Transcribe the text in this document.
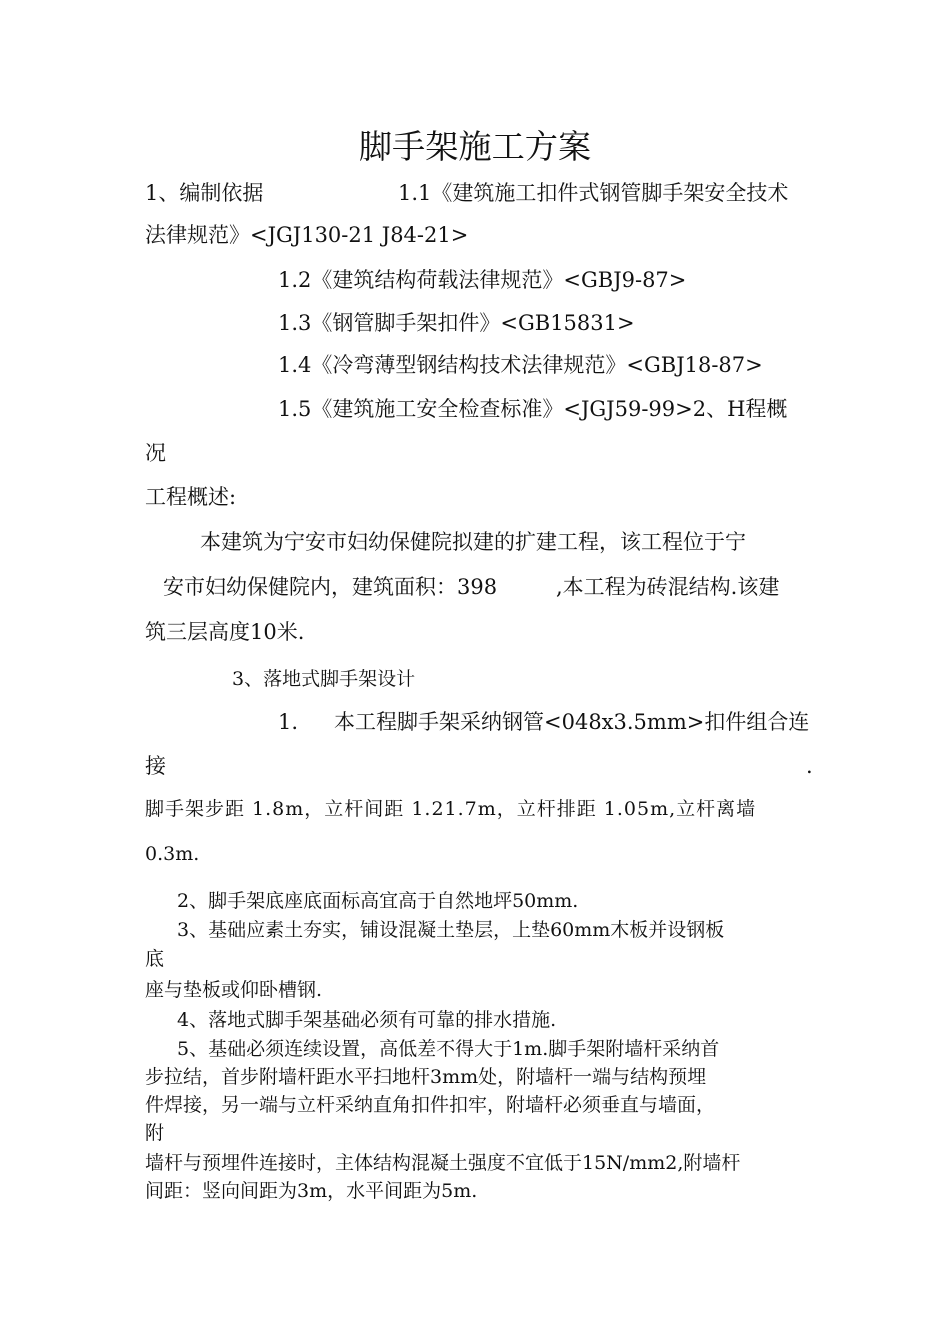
脚手架施工方案
1、编制依据	1.1《建筑施工扣件式钢管脚手架安全技术
法律规范》<JGJ130-21 J84-21>
1.2《建筑结构荷载法律规范》<GBJ9-87>
1.3《钢管脚手架扣件》<GB15831>
1.4《冷弯薄型钢结构技术法律规范》<GBJ18-87>
1.5《建筑施工安全检查标准》<JGJ59-99>2、H程概
况
工程概述:
本建筑为宁安市妇幼保健院拟建的扩建工程，该工程位于宁
安市妇幼保健院内，建筑面积：398	,本工程为砖混结构.该建
筑三层高度10米.
3、落地式脚手架设计
1. 本工程脚手架采纳钢管<048x3.5mm>扣件组合连
接	.
脚手架步距 1.8m，立杆间距 1.21.7m，立杆排距 1.05m,立杆离墙
0.3m.
2、脚手架底座底面标高宜高于自然地坪50mm.
3、基础应素土夯实，铺设混凝土垫层，上垫60mm木板并设钢板
底
座与垫板或仰卧槽钢.
4、落地式脚手架基础必须有可靠的排水措施.
5、基础必须连续设置，高低差不得大于1m.脚手架附墙杆采纳首
步拉结，首步附墙杆距水平扫地杆3mm处，附墙杆一端与结构预埋
件焊接，另一端与立杆采纳直角扣件扣牢，附墙杆必须垂直与墙面，
附
墙杆与预埋件连接时，主体结构混凝土强度不宜低于15N/mm2,附墙杆
间距：竖向间距为3m，水平间距为5m.
